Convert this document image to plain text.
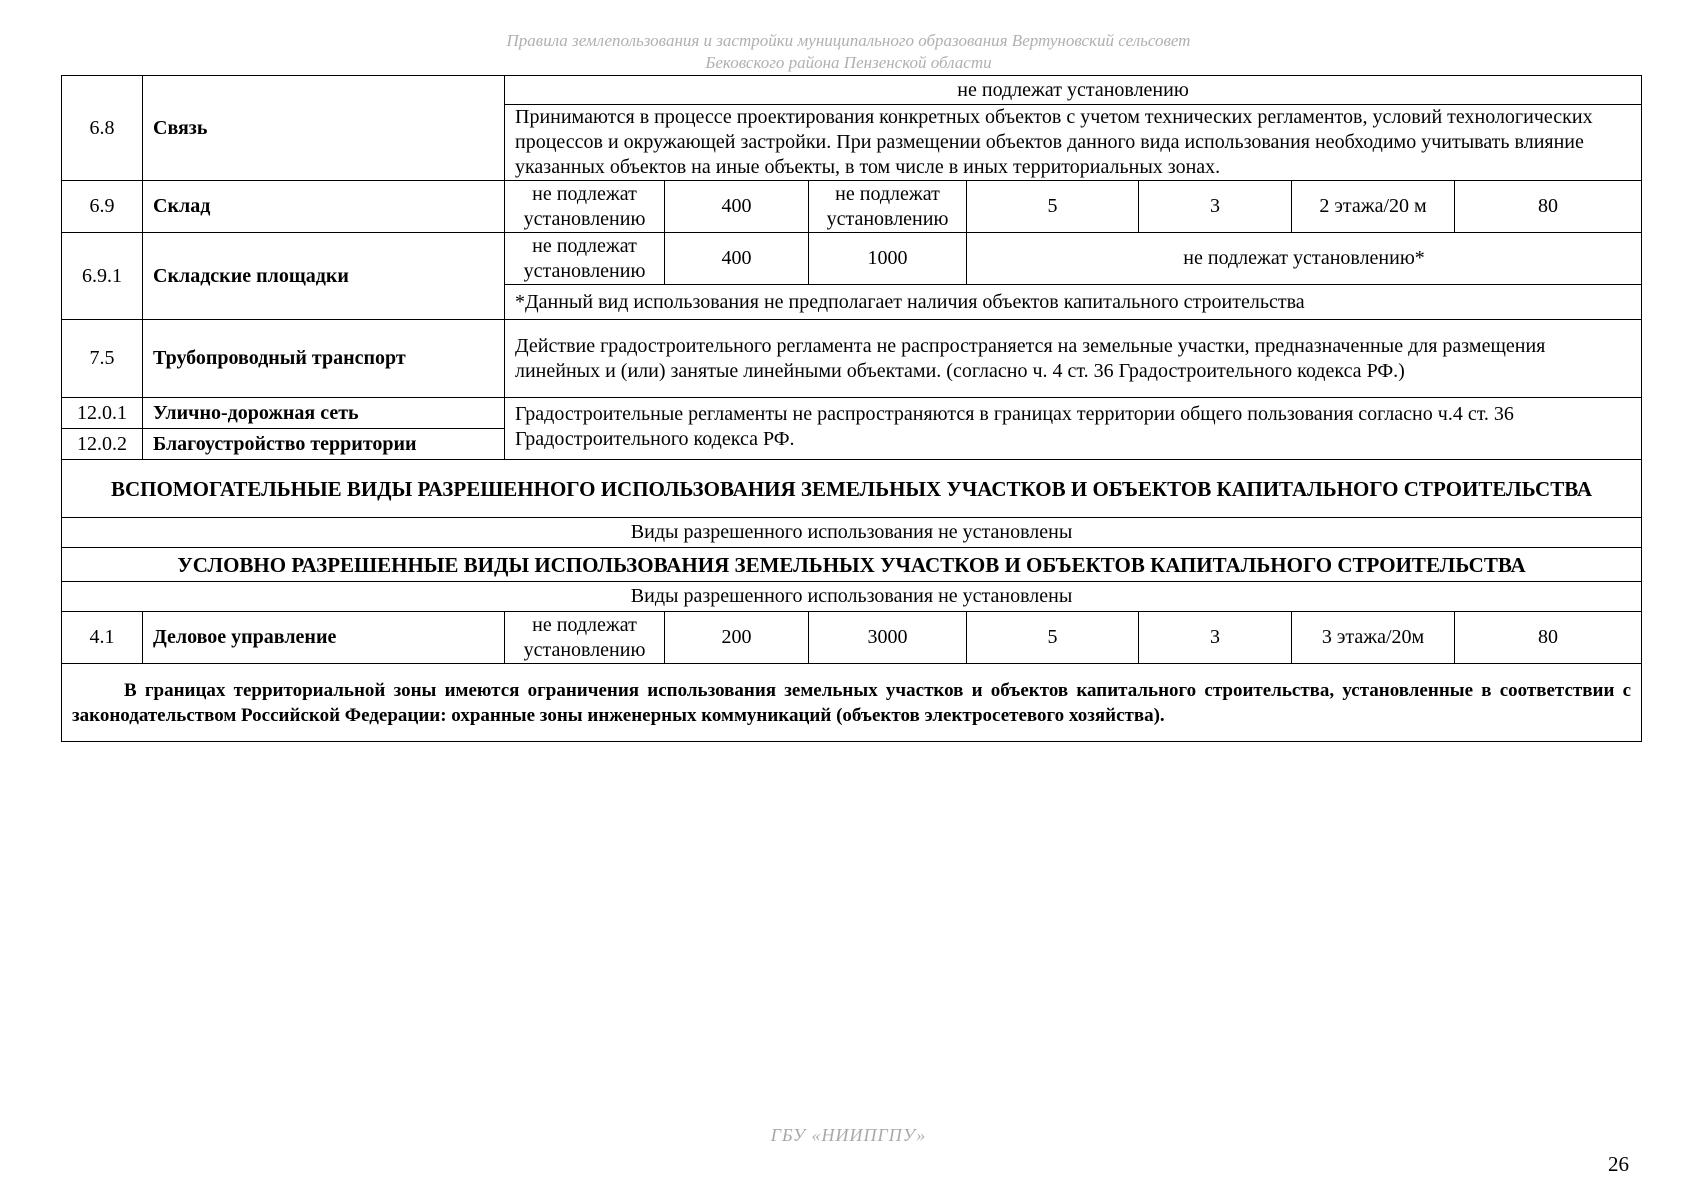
Правила землепользования и застройки муниципального образования Вертуновский сельсовет
Бековского района Пензенской области
6.8	Связь	не подлежат установлению						
		Принимаются в процессе проектирования конкретных объектов с учетом технических регламентов, условий технологических процессов и окружающей застройки. При размещении объектов данного вида использования необходимо учитывать влияние указанных объектов на иные объекты, в том числе в иных территориальных зонах.						
6.9	Склад	не подлежат установлению	400	не подлежат установлению	5	3	2 этажа/20 м	80
6.9.1	Складские площадки	не подлежат установлению	400	1000	не подлежат установлению*			
		*Данный вид использования не предполагает наличия объектов капитального строительства						
7.5	Трубопроводный транспорт	Действие градостроительного регламента не распространяется на земельные участки, предназначенные для размещения линейных и (или) занятые линейными объектами. (согласно ч. 4 ст. 36 Градостроительного кодекса РФ.)						
12.0.1	Улично-дорожная сеть	Градостроительные регламенты не распространяются в границах территории общего пользования согласно ч.4 ст. 36 Градостроительного кодекса РФ.						
12.0.2	Благоустройство территории							
ВСПОМОГАТЕЛЬНЫЕ ВИДЫ РАЗРЕШЕННОГО ИСПОЛЬЗОВАНИЯ ЗЕМЕЛЬНЫХ УЧАСТКОВ И ОБЪЕКТОВ КАПИТАЛЬНОГО СТРОИТЕЛЬСТВА								
Виды разрешенного использования не установлены								
УСЛОВНО РАЗРЕШЕННЫЕ ВИДЫ ИСПОЛЬЗОВАНИЯ ЗЕМЕЛЬНЫХ УЧАСТКОВ И ОБЪЕКТОВ КАПИТАЛЬНОГО СТРОИТЕЛЬСТВА								
Виды разрешенного использования не установлены								
4.1	Деловое управление	не подлежат установлению	200	3000	5	3	3 этажа/20м	80
В границах территориальной зоны имеются ограничения использования земельных участков и объектов капитального строительства, установленные в соответствии с законодательством Российской Федерации: охранные зоны инженерных коммуникаций (объектов электросетевого хозяйства).								
ГБУ «НИИПГПУ»
26
